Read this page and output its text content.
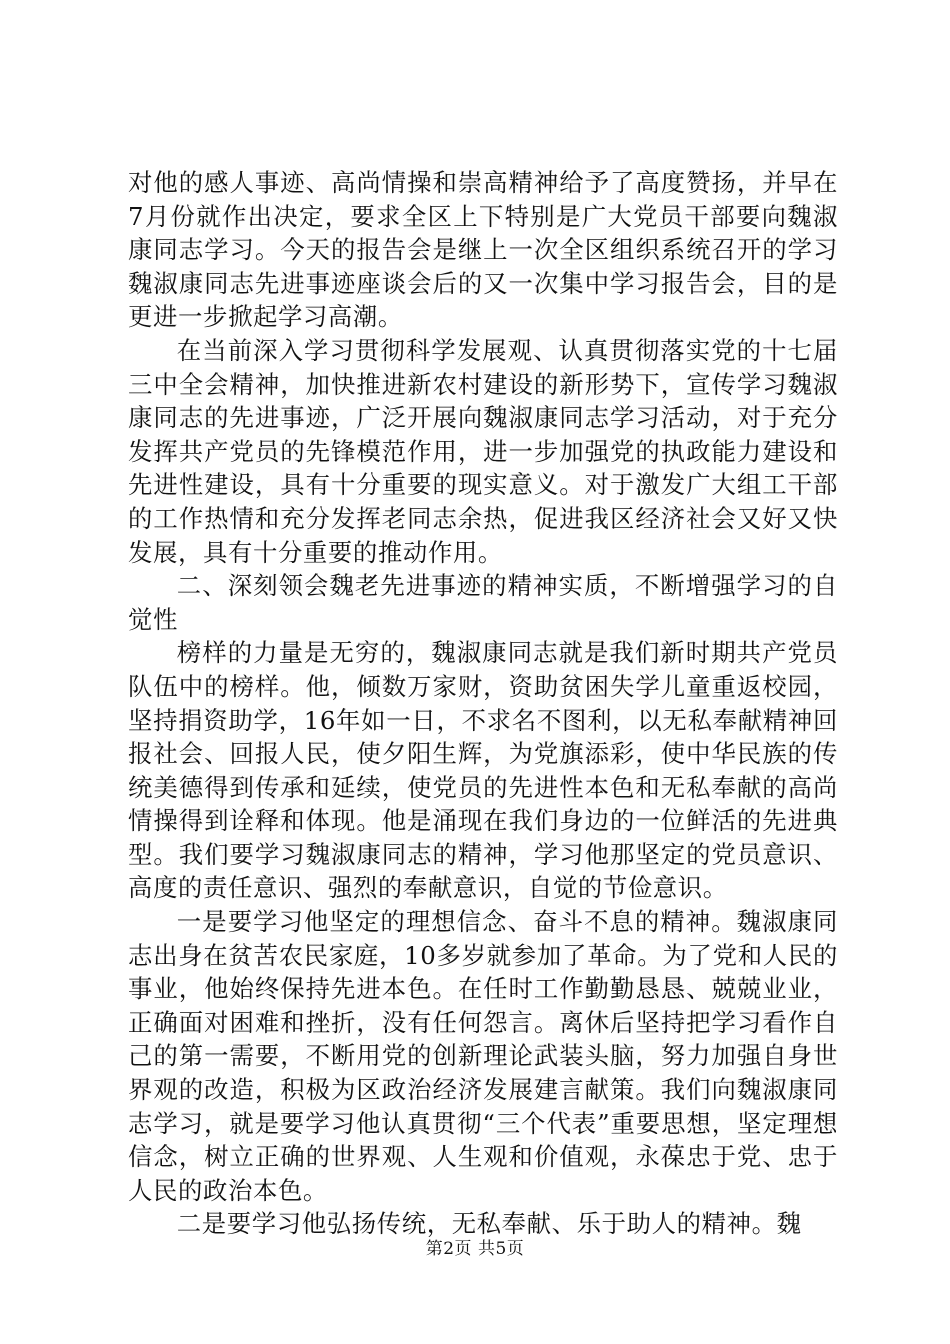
对他的感人事迹、高尚情操和崇高精神给予了高度赞扬，并早在7月份就作出决定，要求全区上下特别是广大党员干部要向魏淑康同志学习。今天的报告会是继上一次全区组织系统召开的学习魏淑康同志先进事迹座谈会后的又一次集中学习报告会，目的是更进一步掀起学习高潮。

在当前深入学习贯彻科学发展观、认真贯彻落实党的十七届三中全会精神，加快推进新农村建设的新形势下，宣传学习魏淑康同志的先进事迹，广泛开展向魏淑康同志学习活动，对于充分发挥共产党员的先锋模范作用，进一步加强党的执政能力建设和先进性建设，具有十分重要的现实意义。对于激发广大组工干部的工作热情和充分发挥老同志余热，促进我区经济社会又好又快发展，具有十分重要的推动作用。

二、深刻领会魏老先进事迹的精神实质，不断增强学习的自觉性

榜样的力量是无穷的，魏淑康同志就是我们新时期共产党员队伍中的榜样。他，倾数万家财，资助贫困失学儿童重返校园，坚持捐资助学，16年如一日，不求名不图利，以无私奉献精神回报社会、回报人民，使夕阳生辉，为党旗添彩，使中华民族的传统美德得到传承和延续，使党员的先进性本色和无私奉献的高尚情操得到诠释和体现。他是涌现在我们身边的一位鲜活的先进典型。我们要学习魏淑康同志的精神，学习他那坚定的党员意识、高度的责任意识、强烈的奉献意识，自觉的节俭意识。

一是要学习他坚定的理想信念、奋斗不息的精神。魏淑康同志出身在贫苦农民家庭，10多岁就参加了革命。为了党和人民的事业，他始终保持先进本色。在任时工作勤勤恳恳、兢兢业业，正确面对困难和挫折，没有任何怨言。离休后坚持把学习看作自己的第一需要，不断用党的创新理论武装头脑，努力加强自身世界观的改造，积极为区政治经济发展建言献策。我们向魏淑康同志学习，就是要学习他认真贯彻“三个代表”重要思想，坚定理想信念，树立正确的世界观、人生观和价值观，永葆忠于党、忠于人民的政治本色。

二是要学习他弘扬传统，无私奉献、乐于助人的精神。魏

第2页 共5页
